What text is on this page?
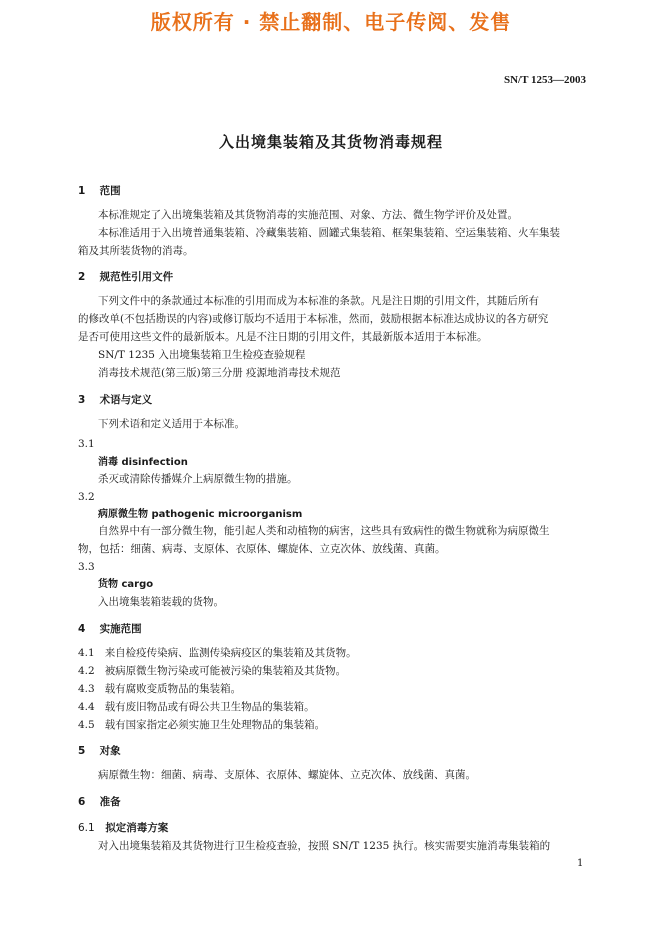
版权所有 · 禁止翻制、电子传阅、发售
SN/T 1253—2003
入出境集装箱及其货物消毒规程
1 范围
本标准规定了入出境集装箱及其货物消毒的实施范围、对象、方法、微生物学评价及处置。
本标准适用于入出境普通集装箱、冷藏集装箱、圆罐式集装箱、框架集装箱、空运集装箱、火车集装
箱及其所装货物的消毒。
2 规范性引用文件
下列文件中的条款通过本标准的引用而成为本标准的条款。凡是注日期的引用文件，其随后所有
的修改单(不包括勘误的内容)或修订版均不适用于本标准，然而，鼓励根据本标准达成协议的各方研究
是否可使用这些文件的最新版本。凡是不注日期的引用文件，其最新版本适用于本标准。
SN/T 1235 入出境集装箱卫生检疫查验规程
消毒技术规范(第三版)第三分册 疫源地消毒技术规范
3 术语与定义
下列术语和定义适用于本标准。
3.1
消毒 disinfection
杀灭或清除传播媒介上病原微生物的措施。
3.2
病原微生物 pathogenic microorganism
自然界中有一部分微生物，能引起人类和动植物的病害，这些具有致病性的微生物就称为病原微生
物，包括：细菌、病毒、支原体、衣原体、螺旋体、立克次体、放线菌、真菌。
3.3
货物 cargo
入出境集装箱装载的货物。
4 实施范围
4.1 来自检疫传染病、监测传染病疫区的集装箱及其货物。
4.2 被病原微生物污染或可能被污染的集装箱及其货物。
4.3 载有腐败变质物品的集装箱。
4.4 载有废旧物品或有碍公共卫生物品的集装箱。
4.5 载有国家指定必须实施卫生处理物品的集装箱。
5 对象
病原微生物：细菌、病毒、支原体、衣原体、螺旋体、立克次体、放线菌、真菌。
6 准备
6.1 拟定消毒方案
对入出境集装箱及其货物进行卫生检疫查验，按照 SN/T 1235 执行。核实需要实施消毒集装箱的
1
